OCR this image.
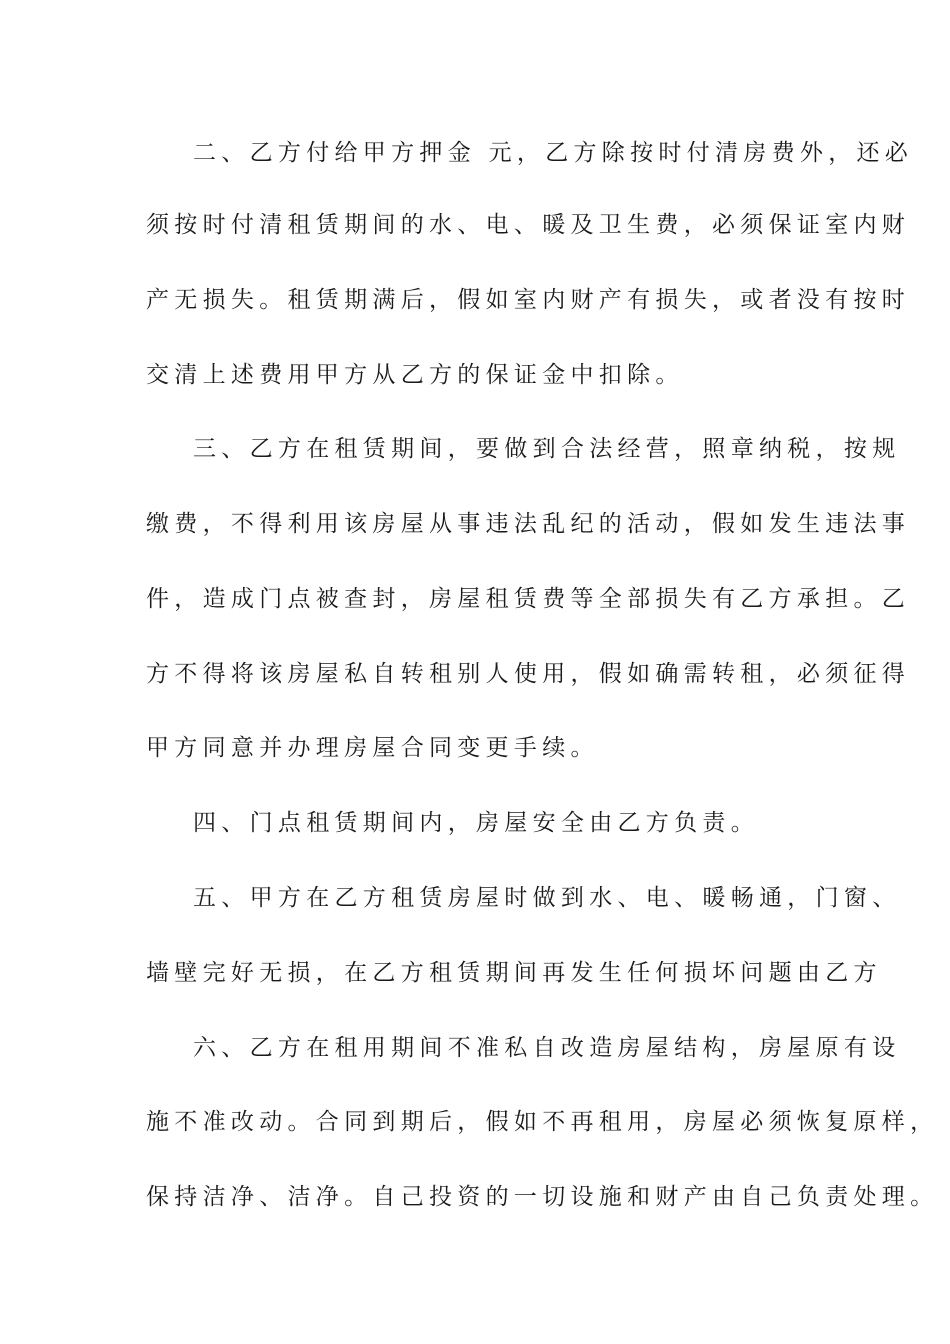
二、乙方付给甲方押金 元，乙方除按时付清房费外，还必
须按时付清租赁期间的水、电、暖及卫生费，必须保证室内财
产无损失。租赁期满后，假如室内财产有损失，或者没有按时
交清上述费用甲方从乙方的保证金中扣除。
三、乙方在租赁期间，要做到合法经营，照章纳税，按规
缴费，不得利用该房屋从事违法乱纪的活动，假如发生违法事
件，造成门点被查封，房屋租赁费等全部损失有乙方承担。乙
方不得将该房屋私自转租别人使用，假如确需转租，必须征得
甲方同意并办理房屋合同变更手续。
四、门点租赁期间内，房屋安全由乙方负责。
五、甲方在乙方租赁房屋时做到水、电、暖畅通，门窗、
墙壁完好无损，在乙方租赁期间再发生任何损坏问题由乙方
六、乙方在租用期间不准私自改造房屋结构，房屋原有设
施不准改动。合同到期后，假如不再租用，房屋必须恢复原样，
保持洁净、洁净。自己投资的一切设施和财产由自己负责处理。
